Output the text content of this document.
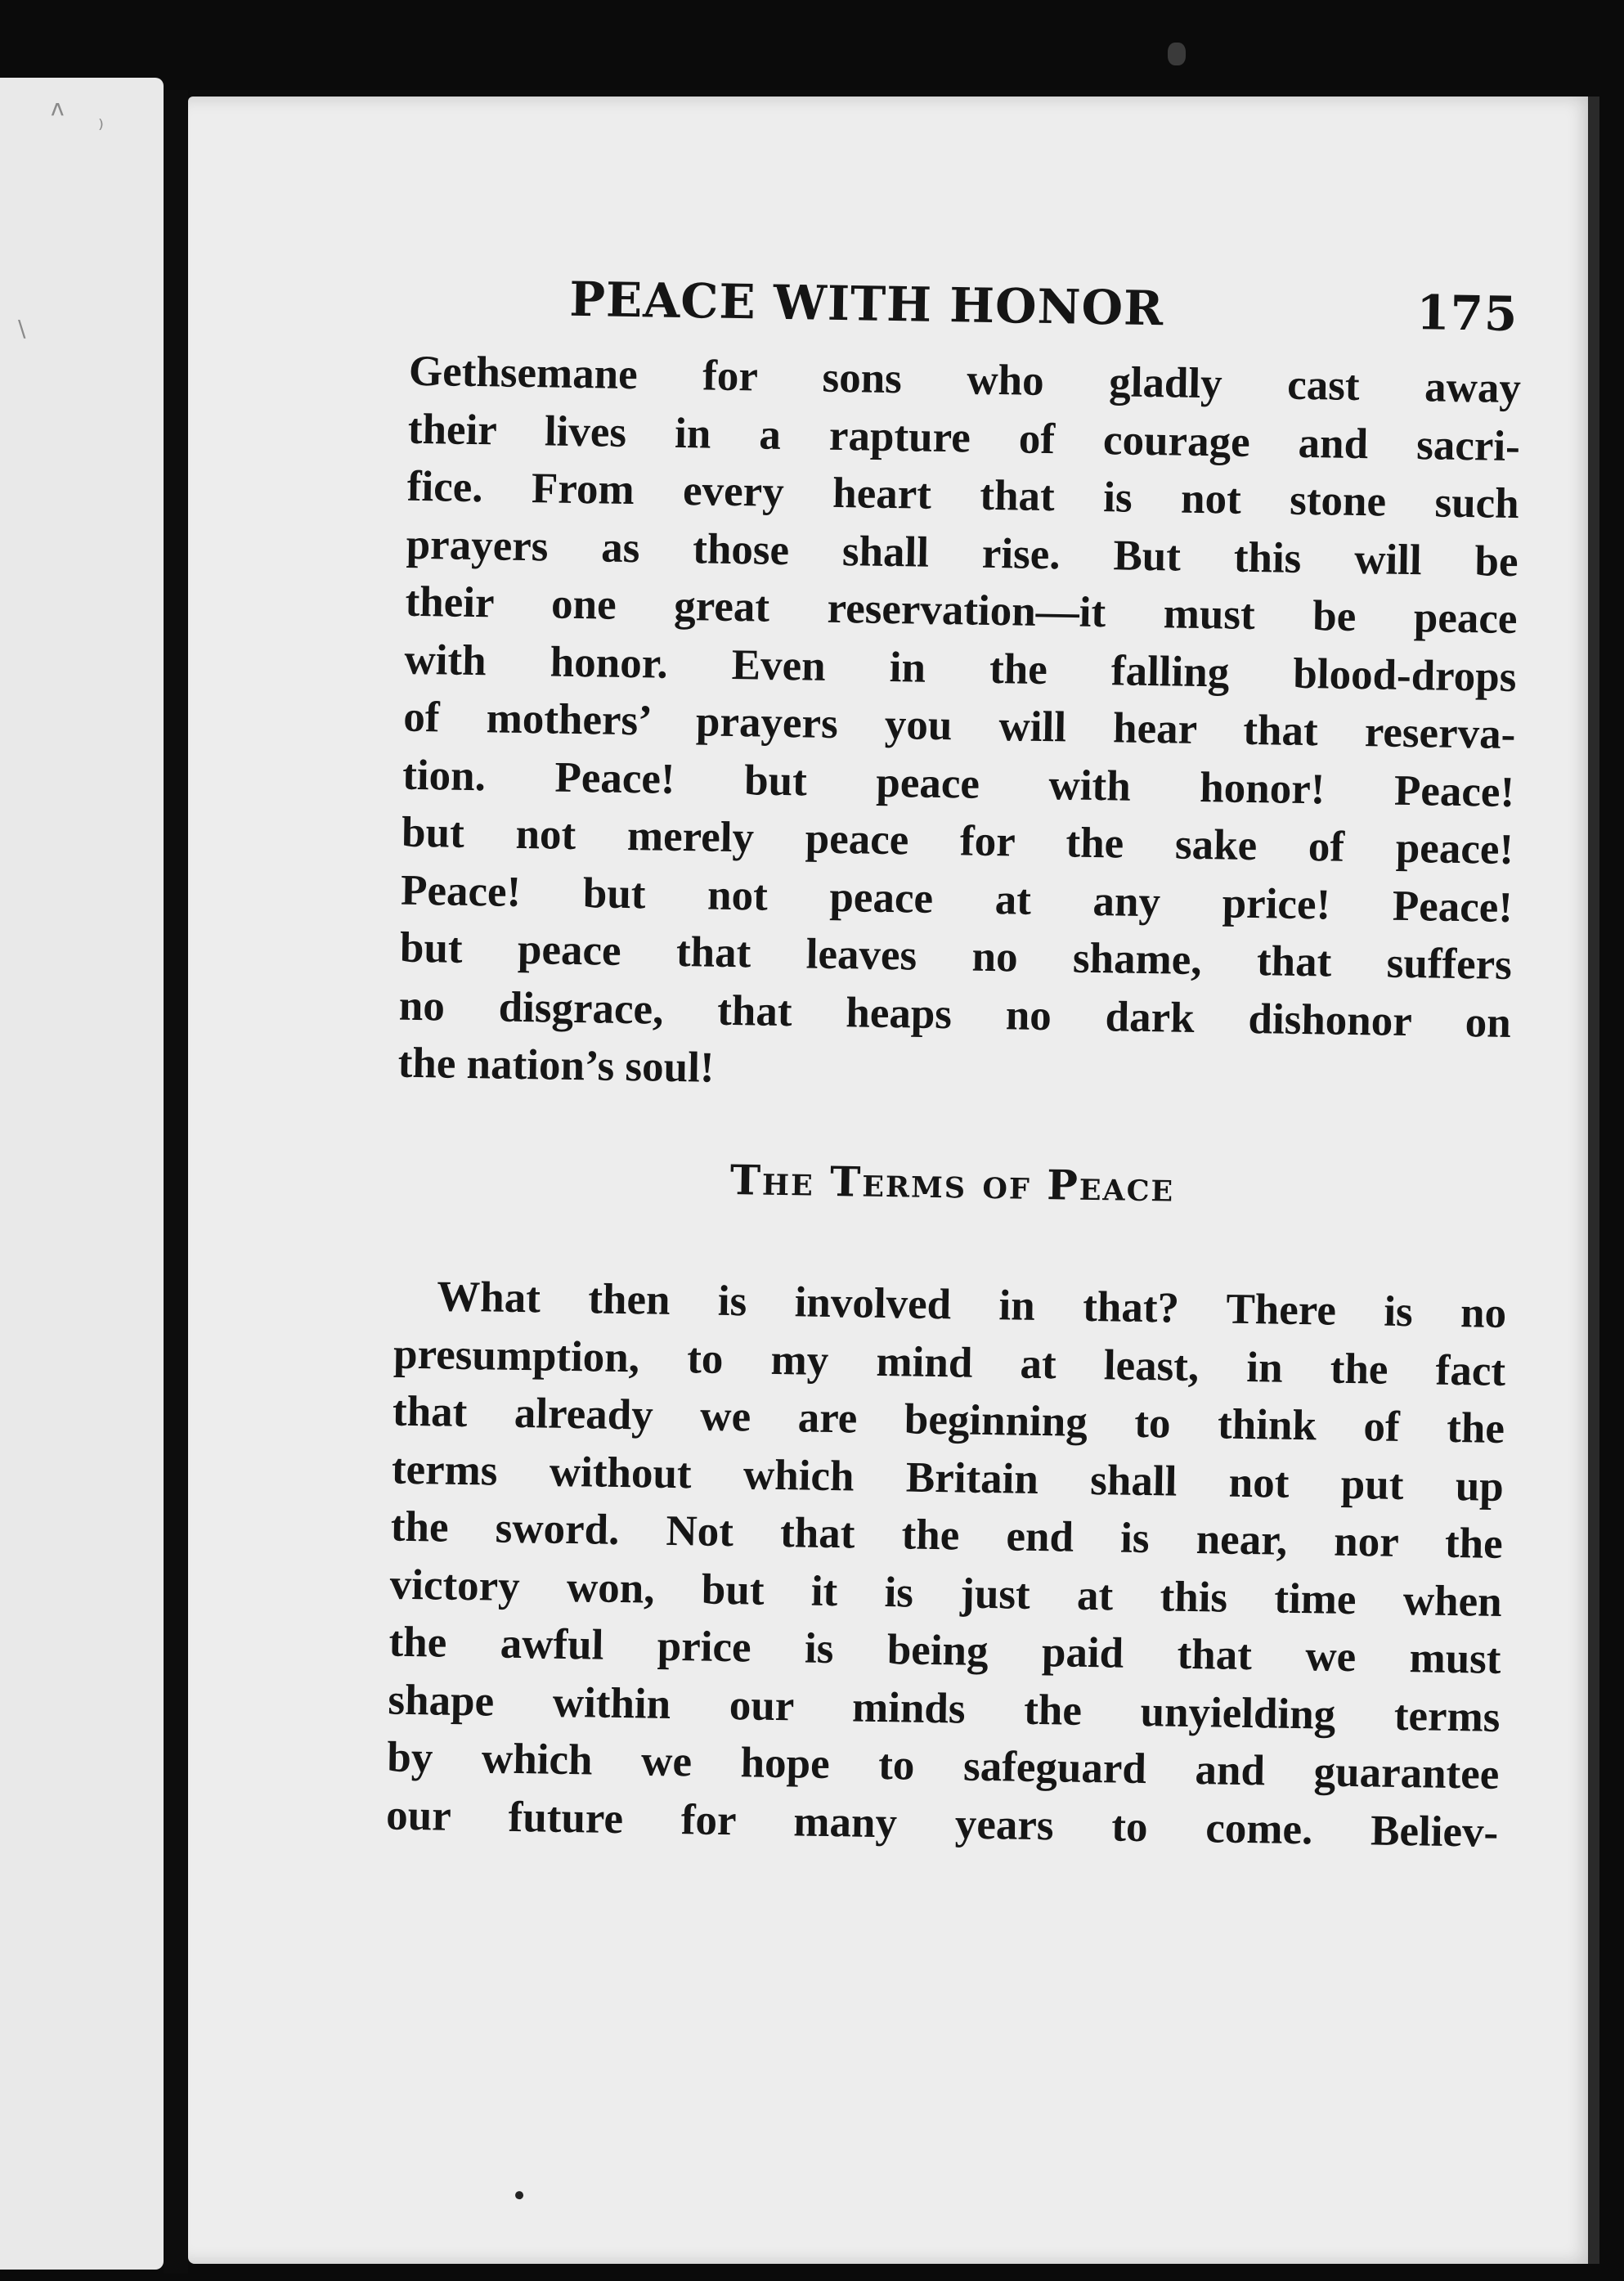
ʌ
⁾
\	PEACE WITH HONOR	175

Gethsemane for sons who gladly cast away
their lives in a rapture of courage and sacri-
fice. From every heart that is not stone such
prayers as those shall rise. But this will be
their one great reservation—it must be peace
with honor. Even in the falling blood-drops
of mothers’ prayers you will hear that reserva-
tion. Peace! but peace with honor! Peace!
but not merely peace for the sake of peace!
Peace! but not peace at any price! Peace!
but peace that leaves no shame, that suffers
no disgrace, that heaps no dark dishonor on
the nation’s soul!

The Terms of Peace

What then is involved in that? There is no
presumption, to my mind at least, in the fact
that already we are beginning to think of the
terms without which Britain shall not put up
the sword. Not that the end is near, nor the
victory won, but it is just at this time when
the awful price is being paid that we must
shape within our minds the unyielding terms
by which we hope to safeguard and guarantee
our future for many years to come. Believ-
